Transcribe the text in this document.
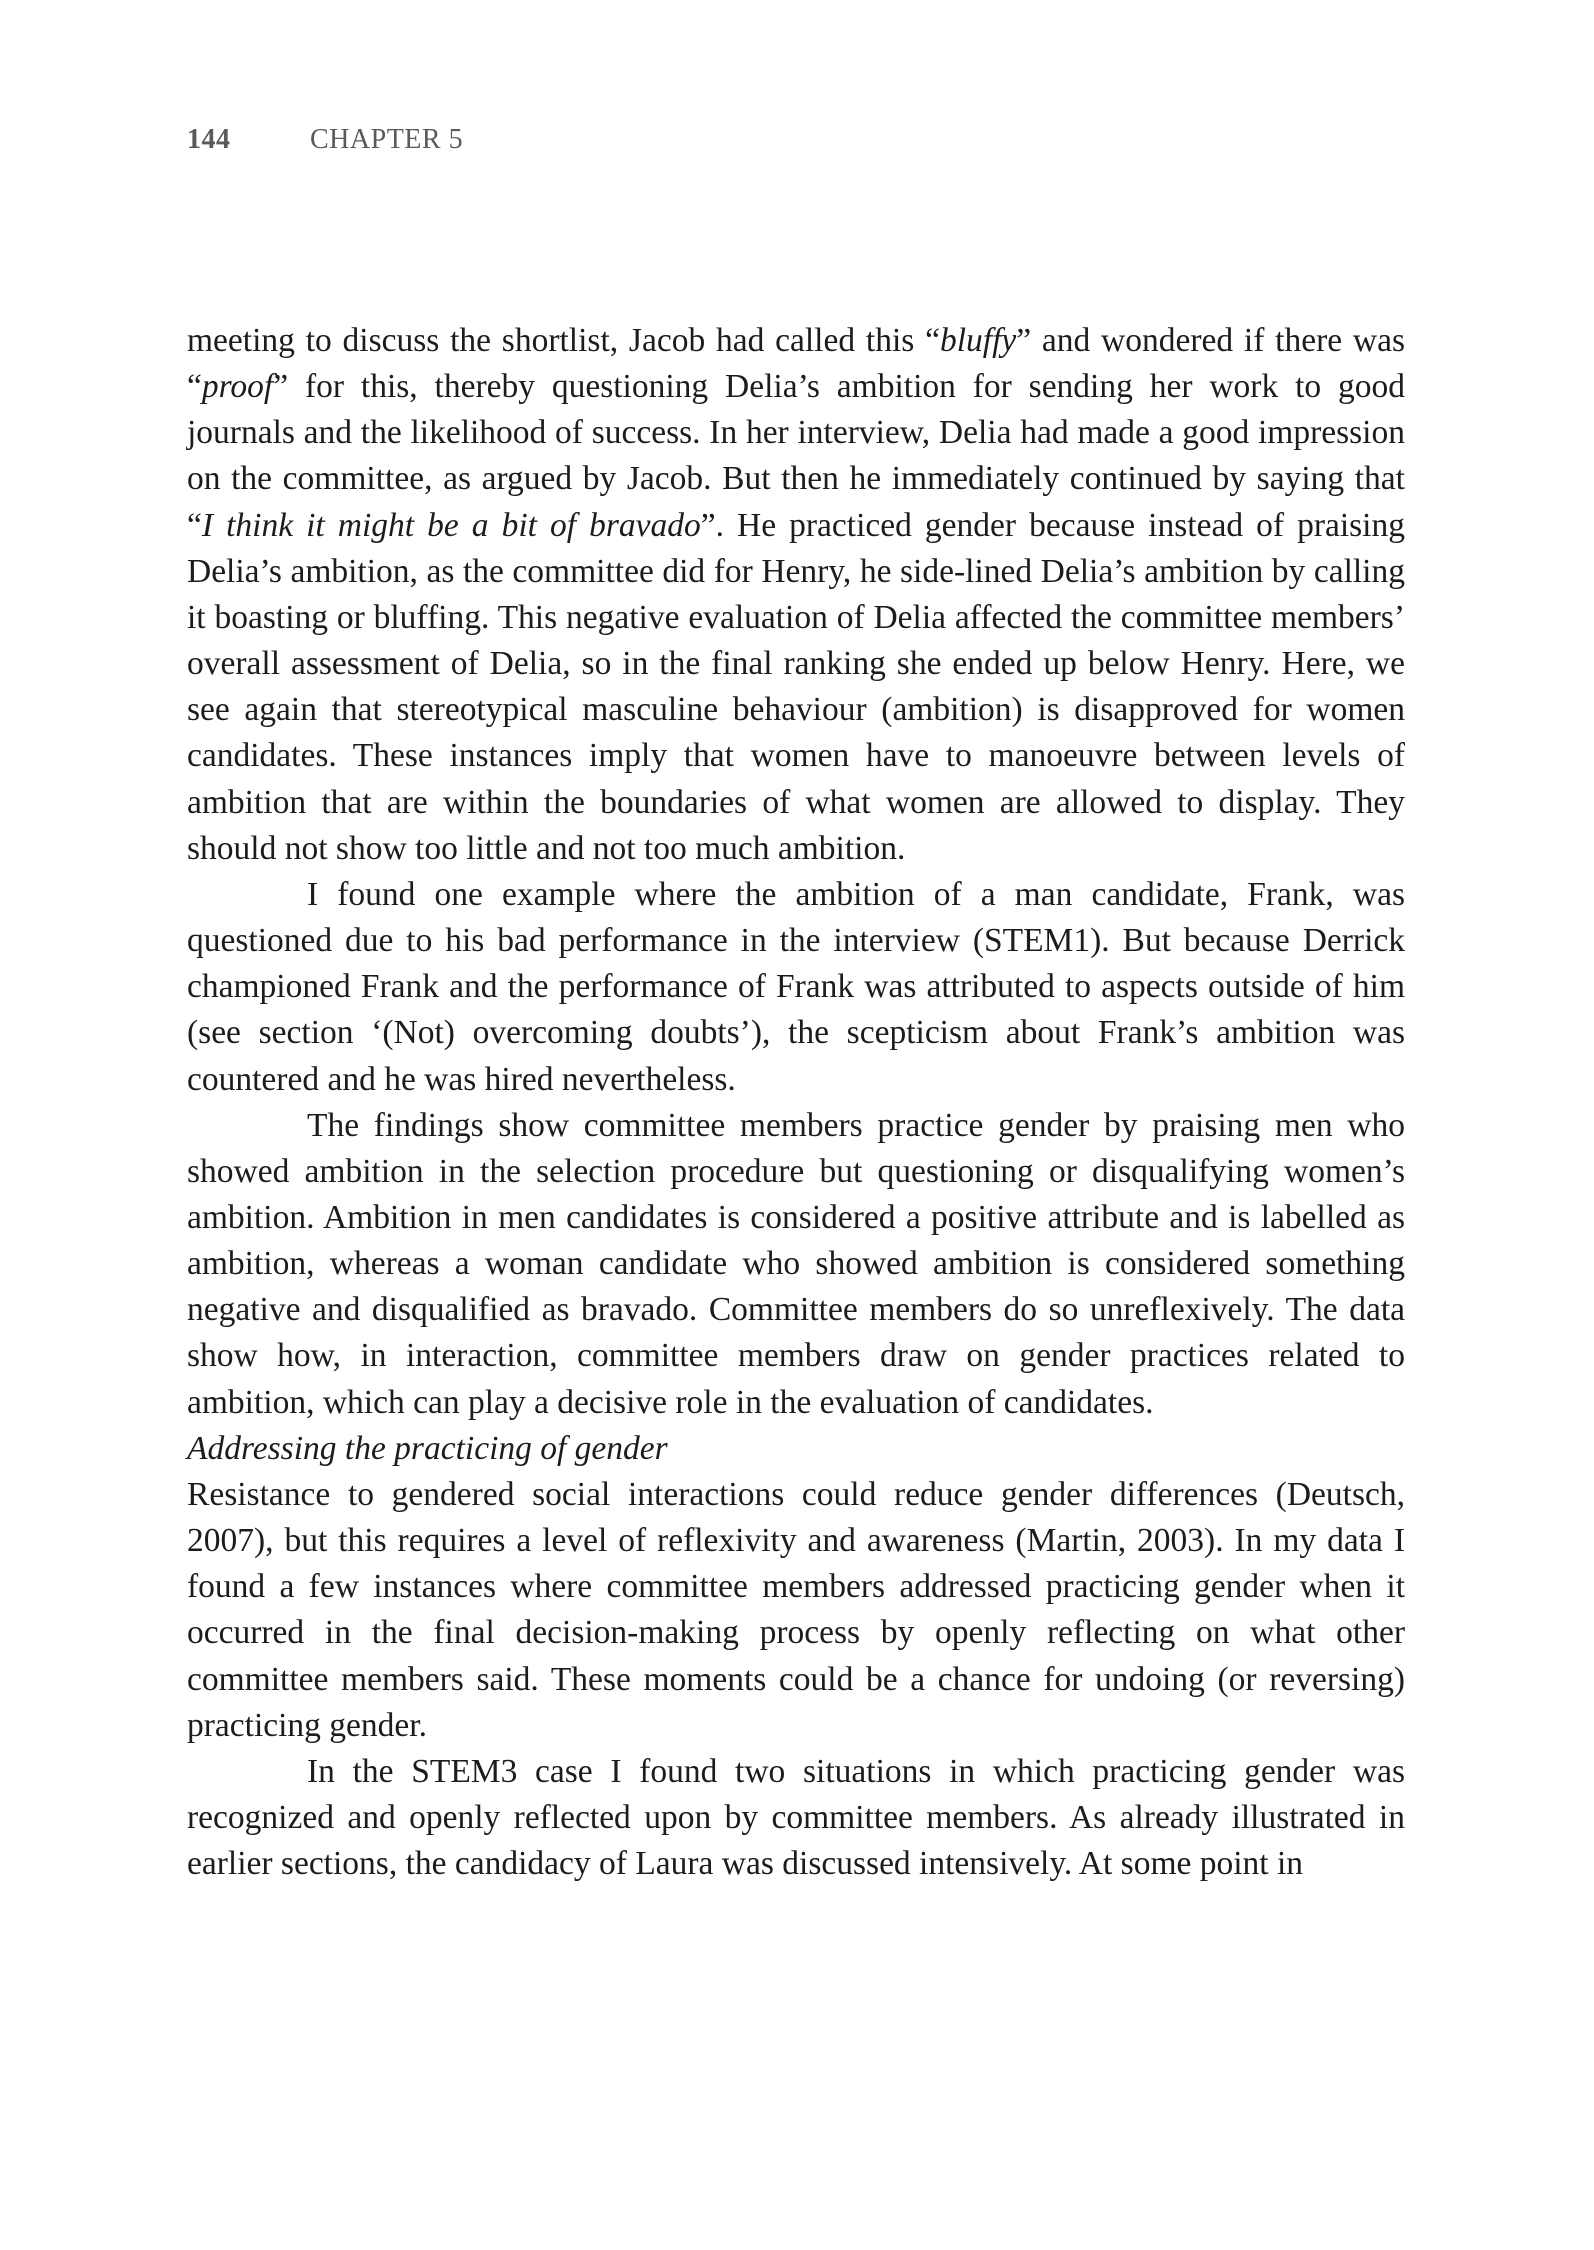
144	CHAPTER 5

meeting to discuss the shortlist, Jacob had called this “bluffy” and wondered if there was “proof” for this, thereby questioning Delia’s ambition for sending her work to good journals and the likelihood of success. In her interview, Delia had made a good impression on the committee, as argued by Jacob. But then he immediately continued by saying that “I think it might be a bit of bravado”. He practiced gender because instead of praising Delia’s ambition, as the committee did for Henry, he side-lined Delia’s ambition by calling it boasting or bluffing. This negative evaluation of Delia affected the committee members’ overall assessment of Delia, so in the final ranking she ended up below Henry. Here, we see again that stereotypical masculine behaviour (ambition) is disapproved for women candidates. These instances imply that women have to manoeuvre between levels of ambition that are within the boundaries of what women are allowed to display. They should not show too little and not too much ambition.

I found one example where the ambition of a man candidate, Frank, was questioned due to his bad performance in the interview (STEM1). But because Derrick championed Frank and the performance of Frank was attributed to aspects outside of him (see section ‘(Not) overcoming doubts’), the scepticism about Frank’s ambition was countered and he was hired nevertheless.

The findings show committee members practice gender by praising men who showed ambition in the selection procedure but questioning or disqualifying women’s ambition. Ambition in men candidates is considered a positive attribute and is labelled as ambition, whereas a woman candidate who showed ambition is considered something negative and disqualified as bravado. Committee members do so unreflexively. The data show how, in interaction, committee members draw on gender practices related to ambition, which can play a decisive role in the evaluation of candidates.

Addressing the practicing of gender

Resistance to gendered social interactions could reduce gender differences (Deutsch, 2007), but this requires a level of reflexivity and awareness (Martin, 2003). In my data I found a few instances where committee members addressed practicing gender when it occurred in the final decision-making process by openly reflecting on what other committee members said. These moments could be a chance for undoing (or reversing) practicing gender.

In the STEM3 case I found two situations in which practicing gender was recognized and openly reflected upon by committee members. As already illustrated in earlier sections, the candidacy of Laura was discussed intensively. At some point in
